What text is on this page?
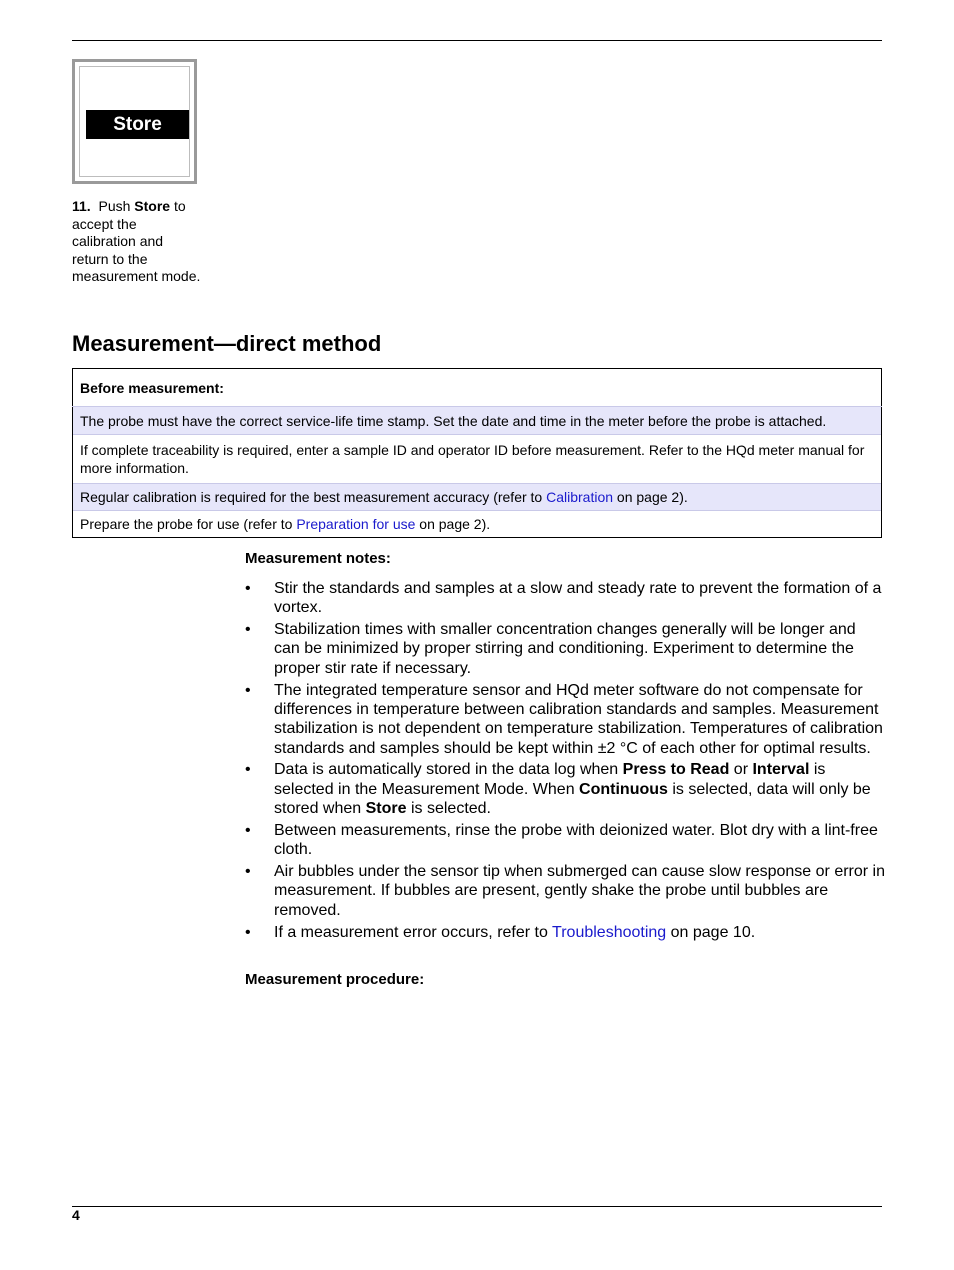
Store
11. Push Store to accept the calibration and return to the measurement mode.
Measurement—direct method
Before measurement:
The probe must have the correct service-life time stamp. Set the date and time in the meter before the probe is attached.
If complete traceability is required, enter a sample ID and operator ID before measurement. Refer to the HQd meter manual for more information.
Regular calibration is required for the best measurement accuracy (refer to Calibration on page 2).
Prepare the probe for use (refer to Preparation for use on page 2).
Measurement notes:
• Stir the standards and samples at a slow and steady rate to prevent the formation of a vortex.
• Stabilization times with smaller concentration changes generally will be longer and can be minimized by proper stirring and conditioning. Experiment to determine the proper stir rate if necessary.
• The integrated temperature sensor and HQd meter software do not compensate for differences in temperature between calibration standards and samples. Measurement stabilization is not dependent on temperature stabilization. Temperatures of calibration standards and samples should be kept within ±2 °C of each other for optimal results.
• Data is automatically stored in the data log when Press to Read or Interval is selected in the Measurement Mode. When Continuous is selected, data will only be stored when Store is selected.
• Between measurements, rinse the probe with deionized water. Blot dry with a lint-free cloth.
• Air bubbles under the sensor tip when submerged can cause slow response or error in measurement. If bubbles are present, gently shake the probe until bubbles are removed.
• If a measurement error occurs, refer to Troubleshooting on page 10.
Measurement procedure:
4
